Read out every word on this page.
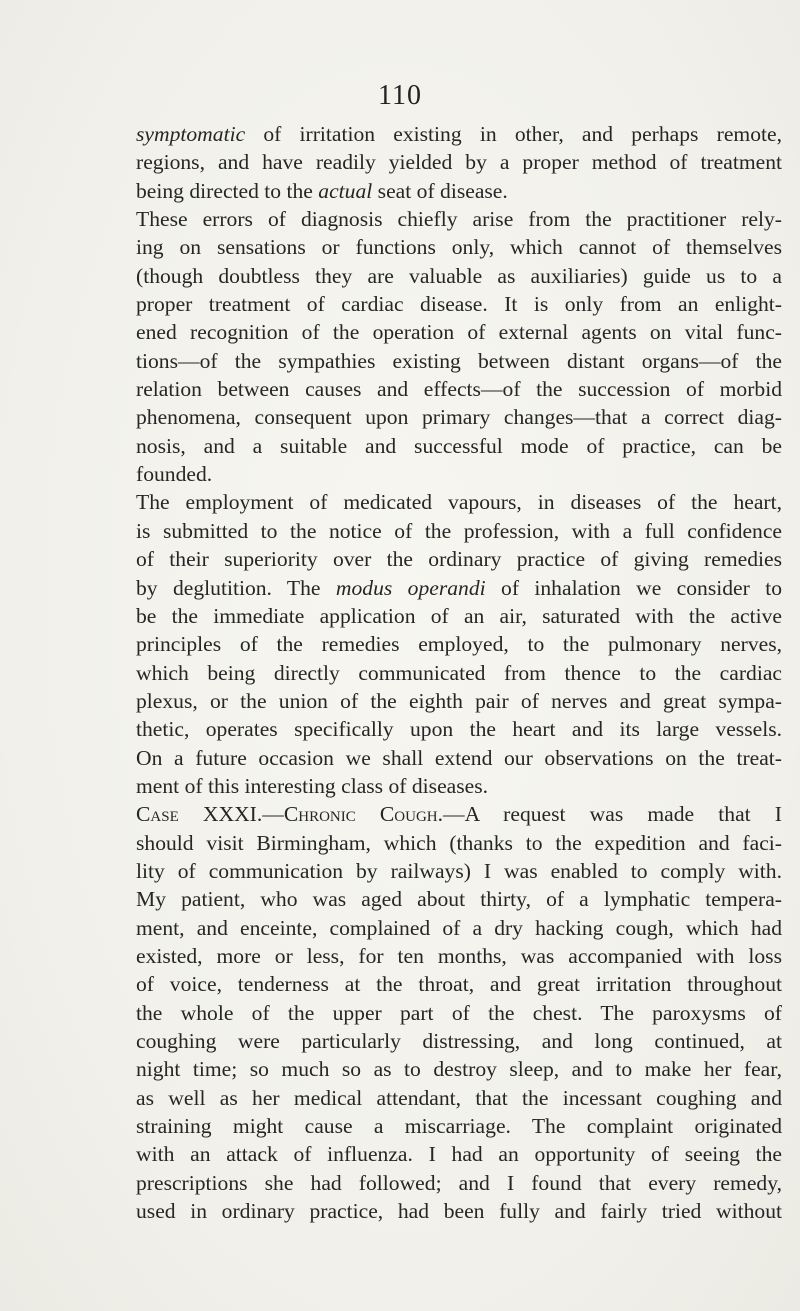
110
symptomatic of irritation existing in other, and perhaps remote,
regions, and have readily yielded by a proper method of treatment
being directed to the actual seat of disease.
These errors of diagnosis chiefly arise from the practitioner rely-
ing on sensations or functions only, which cannot of themselves
(though doubtless they are valuable as auxiliaries) guide us to a
proper treatment of cardiac disease. It is only from an enlight-
ened recognition of the operation of external agents on vital func-
tions—of the sympathies existing between distant organs—of the
relation between causes and effects—of the succession of morbid
phenomena, consequent upon primary changes—that a correct diag-
nosis, and a suitable and successful mode of practice, can be
founded.
The employment of medicated vapours, in diseases of the heart,
is submitted to the notice of the profession, with a full confidence
of their superiority over the ordinary practice of giving remedies
by deglutition. The modus operandi of inhalation we consider to
be the immediate application of an air, saturated with the active
principles of the remedies employed, to the pulmonary nerves,
which being directly communicated from thence to the cardiac
plexus, or the union of the eighth pair of nerves and great sympa-
thetic, operates specifically upon the heart and its large vessels.
On a future occasion we shall extend our observations on the treat-
ment of this interesting class of diseases.
Case XXXI.—Chronic Cough.—A request was made that I
should visit Birmingham, which (thanks to the expedition and faci-
lity of communication by railways) I was enabled to comply with.
My patient, who was aged about thirty, of a lymphatic tempera-
ment, and enceinte, complained of a dry hacking cough, which had
existed, more or less, for ten months, was accompanied with loss
of voice, tenderness at the throat, and great irritation throughout
the whole of the upper part of the chest. The paroxysms of
coughing were particularly distressing, and long continued, at
night time; so much so as to destroy sleep, and to make her fear,
as well as her medical attendant, that the incessant coughing and
straining might cause a miscarriage. The complaint originated
with an attack of influenza. I had an opportunity of seeing the
prescriptions she had followed; and I found that every remedy,
used in ordinary practice, had been fully and fairly tried without
